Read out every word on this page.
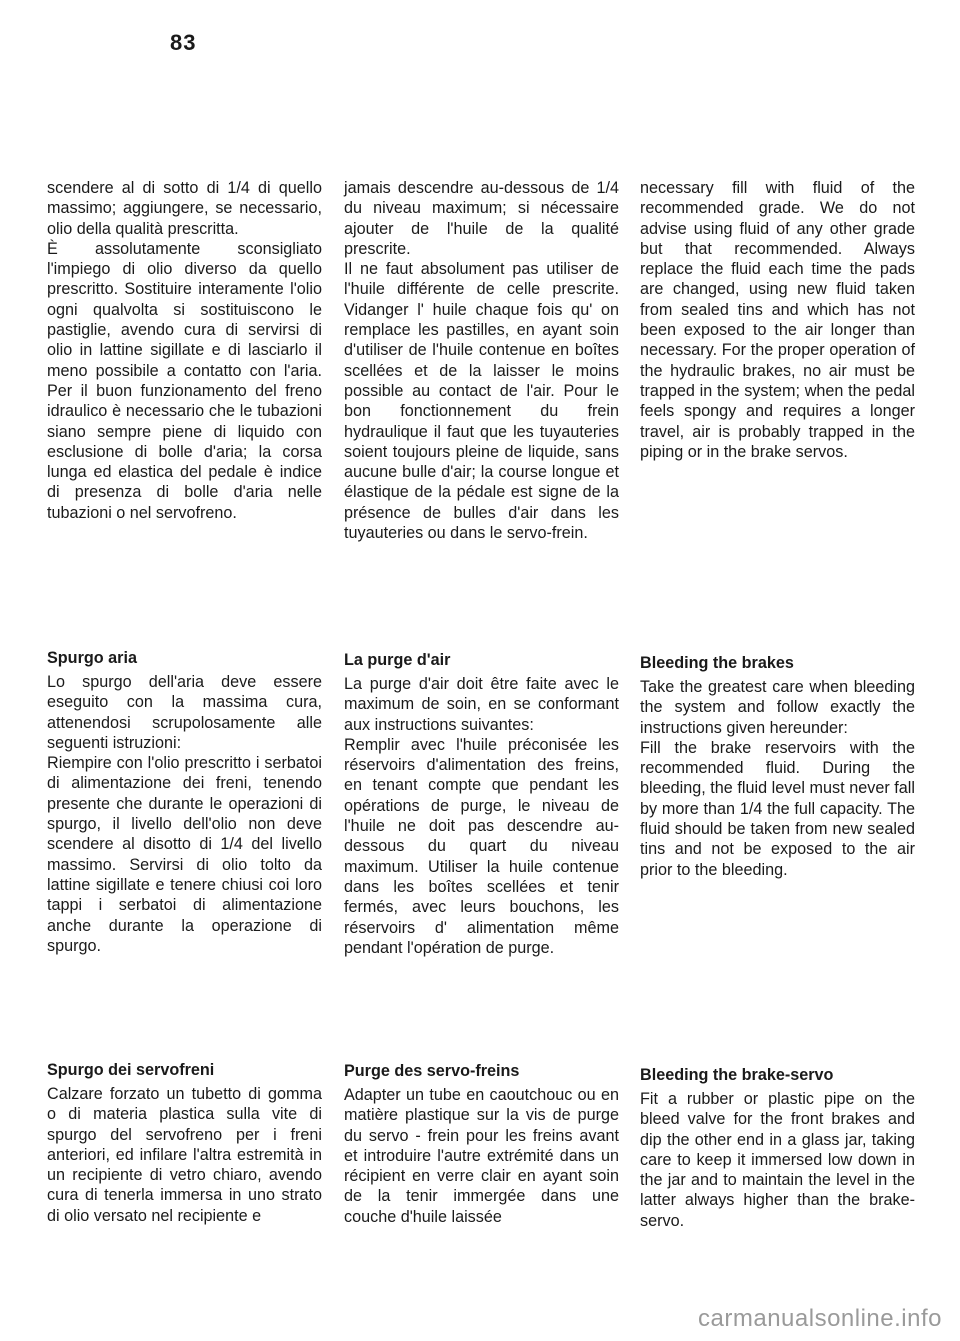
83

scendere al di sotto di 1/4 di quello massimo; aggiungere, se necessario, olio della qualità prescritta.
È assolutamente sconsigliato l'impiego di olio diverso da quello prescritto. Sostituire interamente l'olio ogni qualvolta si sostituiscono le pastiglie, avendo cura di servirsi di olio in lattine sigillate e di lasciarlo il meno possibile a contatto con l'aria. Per il buon funzionamento del freno idraulico è necessario che le tubazioni siano sempre piene di liquido con esclusione di bolle d'aria; la corsa lunga ed elastica del pedale è indice di presenza di bolle d'aria nelle tubazioni o nel servofreno.

Spurgo aria

Lo spurgo dell'aria deve essere eseguito con la massima cura, attenendosi scrupolosamente alle seguenti istruzioni:
Riempire con l'olio prescritto i serbatoi di alimentazione dei freni, tenendo presente che durante le operazioni di spurgo, il livello dell'olio non deve scendere al disotto di 1/4 del livello massimo. Servirsi di olio tolto da lattine sigillate e tenere chiusi coi loro tappi i serbatoi di alimentazione anche durante la operazione di spurgo.

Spurgo dei servofreni

Calzare forzato un tubetto di gomma o di materia plastica sulla vite di spurgo del servofreno per i freni anteriori, ed infilare l'altra estremità in un recipiente di vetro chiaro, avendo cura di tenerla immersa in uno strato di olio versato nel recipiente e

jamais descendre au-dessous de 1/4 du niveau maximum; si nécessaire ajouter de l'huile de la qualité prescrite.
Il ne faut absolument pas utiliser de l'huile différente de celle prescrite. Vidanger l' huile chaque fois qu' on remplace les pastilles, en ayant soin d'utiliser de l'huile contenue en boîtes scellées et de la laisser le moins possible au contact de l'air. Pour le bon fonctionnement du frein hydraulique il faut que les tuyauteries soient toujours pleine de liquide, sans aucune bulle d'air; la course longue et élastique de la pédale est signe de la présence de bulles d'air dans les tuyauteries ou dans le servo-frein.

La purge d'air

La purge d'air doit être faite avec le maximum de soin, en se conformant aux instructions suivantes:
Remplir avec l'huile préconisée les réservoirs d'alimentation des freins, en tenant compte que pendant les opérations de purge, le niveau de l'huile ne doit pas descendre au-dessous du quart du niveau maximum. Utiliser la huile contenue dans les boîtes scellées et tenir fermés, avec leurs bouchons, les réservoirs d' alimentation même pendant l'opération de purge.

Purge des servo-freins

Adapter un tube en caoutchouc ou en matière plastique sur la vis de purge du servo - frein pour les freins avant et introduire l'autre extrémité dans un récipient en verre clair en ayant soin de la tenir immergée dans une couche d'huile laissée

necessary fill with fluid of the recommended grade. We do not advise using fluid of any other grade but that recommended. Always replace the fluid each time the pads are changed, using new fluid taken from sealed tins and which has not been exposed to the air longer than necessary. For the proper operation of the hydraulic brakes, no air must be trapped in the system; when the pedal feels spongy and requires a longer travel, air is probably trapped in the piping or in the brake servos.

Bleeding the brakes

Take the greatest care when bleeding the system and follow exactly the instructions given hereunder:
Fill the brake reservoirs with the recommended fluid. During the bleeding, the fluid level must never fall by more than 1/4 the full capacity. The fluid should be taken from new sealed tins and not be exposed to the air prior to the bleeding.

Bleeding the brake-servo

Fit a rubber or plastic pipe on the bleed valve for the front brakes and dip the other end in a glass jar, taking care to keep it immersed low down in the jar and to maintain the level in the latter always higher than the brake-servo.

carmanualsonline.info
